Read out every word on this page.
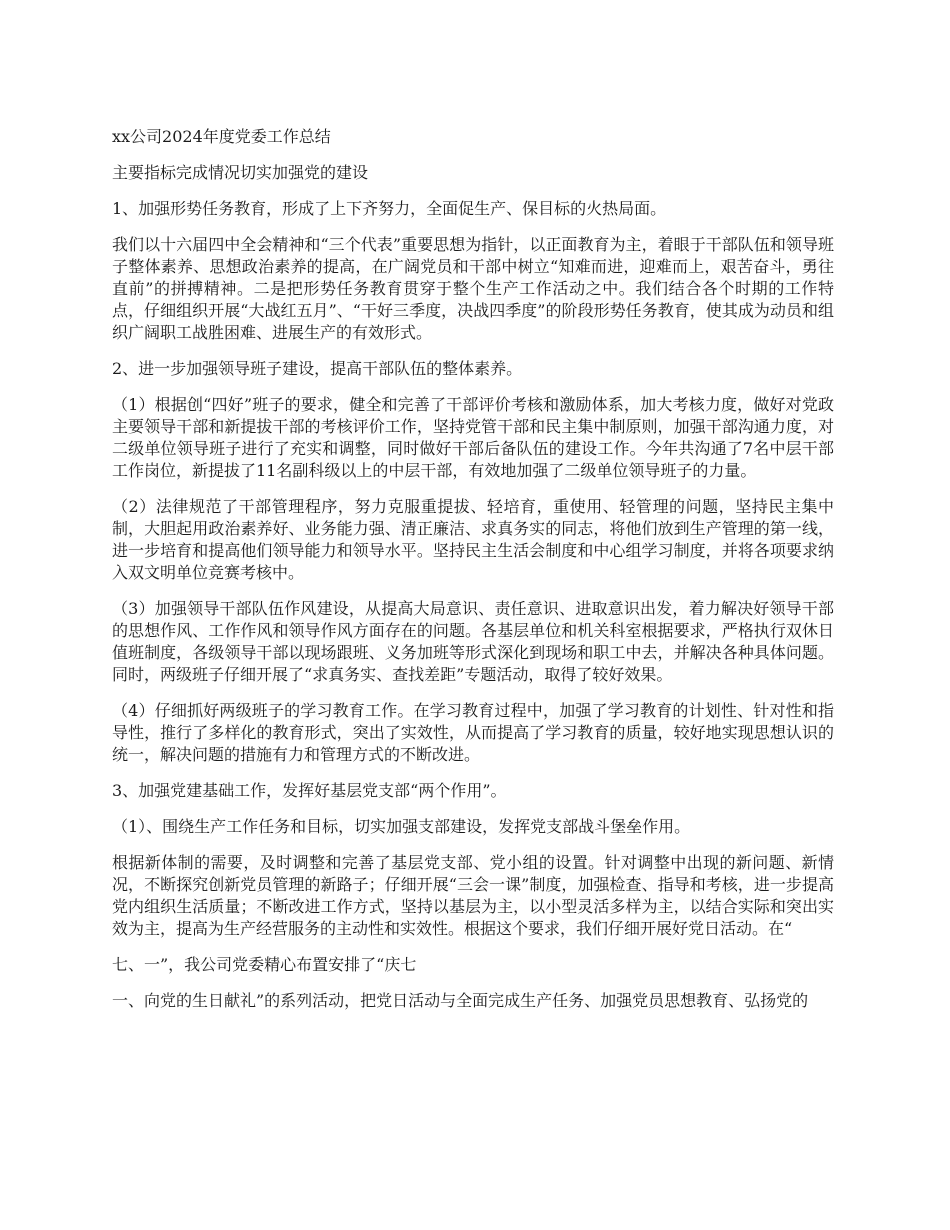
xx公司2024年度党委工作总结

主要指标完成情况切实加强党的建设

1、加强形势任务教育，形成了上下齐努力，全面促生产、保目标的火热局面。

我们以十六届四中全会精神和“三个代表”重要思想为指针，以正面教育为主，着眼于干部队伍和领导班子整体素养、思想政治素养的提高，在广阔党员和干部中树立“知难而进，迎难而上，艰苦奋斗，勇往直前”的拼搏精神。二是把形势任务教育贯穿于整个生产工作活动之中。我们结合各个时期的工作特点，仔细组织开展“大战红五月”、“干好三季度，决战四季度”的阶段形势任务教育，使其成为动员和组织广阔职工战胜困难、进展生产的有效形式。

2、进一步加强领导班子建设，提高干部队伍的整体素养。

（1）根据创“四好”班子的要求，健全和完善了干部评价考核和激励体系，加大考核力度，做好对党政主要领导干部和新提拔干部的考核评价工作，坚持党管干部和民主集中制原则，加强干部沟通力度，对二级单位领导班子进行了充实和调整，同时做好干部后备队伍的建设工作。今年共沟通了7名中层干部工作岗位，新提拔了11名副科级以上的中层干部，有效地加强了二级单位领导班子的力量。

（2）法律规范了干部管理程序，努力克服重提拔、轻培育，重使用、轻管理的问题，坚持民主集中制，大胆起用政治素养好、业务能力强、清正廉洁、求真务实的同志，将他们放到生产管理的第一线，进一步培育和提高他们领导能力和领导水平。坚持民主生活会制度和中心组学习制度，并将各项要求纳入双文明单位竞赛考核中。

（3）加强领导干部队伍作风建设，从提高大局意识、责任意识、进取意识出发，着力解决好领导干部的思想作风、工作作风和领导作风方面存在的问题。各基层单位和机关科室根据要求，严格执行双休日值班制度，各级领导干部以现场跟班、义务加班等形式深化到现场和职工中去，并解决各种具体问题。同时，两级班子仔细开展了“求真务实、查找差距”专题活动，取得了较好效果。

（4）仔细抓好两级班子的学习教育工作。在学习教育过程中，加强了学习教育的计划性、针对性和指导性，推行了多样化的教育形式，突出了实效性，从而提高了学习教育的质量，较好地实现思想认识的统一，解决问题的措施有力和管理方式的不断改进。

3、加强党建基础工作，发挥好基层党支部“两个作用”。

（1）、围绕生产工作任务和目标，切实加强支部建设，发挥党支部战斗堡垒作用。

根据新体制的需要，及时调整和完善了基层党支部、党小组的设置。针对调整中出现的新问题、新情况，不断探究创新党员管理的新路子；仔细开展“三会一课”制度，加强检查、指导和考核，进一步提高党内组织生活质量；不断改进工作方式，坚持以基层为主，以小型灵活多样为主，以结合实际和突出实效为主，提高为生产经营服务的主动性和实效性。根据这个要求，我们仔细开展好党日活动。在“

七、一”，我公司党委精心布置安排了“庆七

一、向党的生日献礼”的系列活动，把党日活动与全面完成生产任务、加强党员思想教育、弘扬党的
